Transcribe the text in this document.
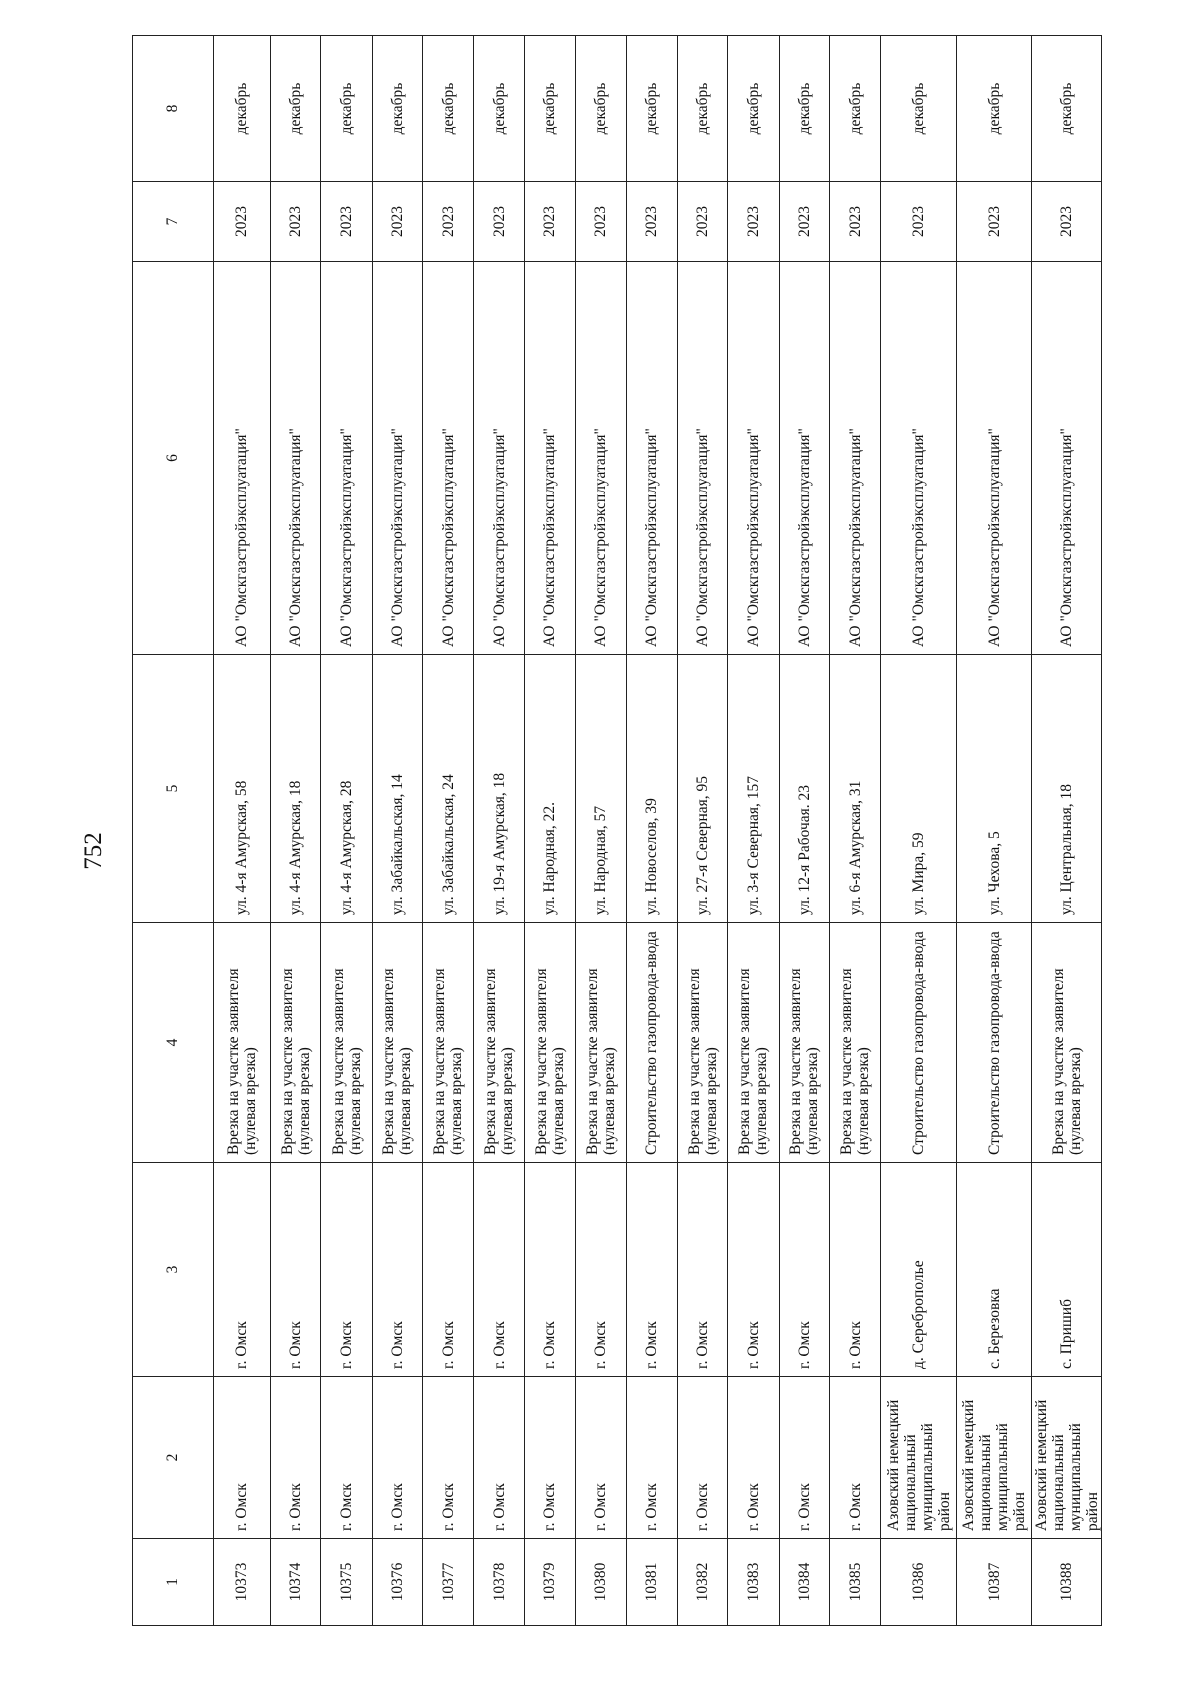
752
1	2	3	4	5	6	7	8
10373	г. Омск	г. Омск	Врезка на участке заявителя (нулевая врезка)	ул. 4-я Амурская, 58	АО "Омскгазстройэксплуатация"	2023	декабрь
10374	г. Омск	г. Омск	Врезка на участке заявителя (нулевая врезка)	ул. 4-я Амурская, 18	АО "Омскгазстройэксплуатация"	2023	декабрь
10375	г. Омск	г. Омск	Врезка на участке заявителя (нулевая врезка)	ул. 4-я Амурская, 28	АО "Омскгазстройэксплуатация"	2023	декабрь
10376	г. Омск	г. Омск	Врезка на участке заявителя (нулевая врезка)	ул. Забайкальская, 14	АО "Омскгазстройэксплуатация"	2023	декабрь
10377	г. Омск	г. Омск	Врезка на участке заявителя (нулевая врезка)	ул. Забайкальская, 24	АО "Омскгазстройэксплуатация"	2023	декабрь
10378	г. Омск	г. Омск	Врезка на участке заявителя (нулевая врезка)	ул. 19-я Амурская, 18	АО "Омскгазстройэксплуатация"	2023	декабрь
10379	г. Омск	г. Омск	Врезка на участке заявителя (нулевая врезка)	ул. Народная, 22.	АО "Омскгазстройэксплуатация"	2023	декабрь
10380	г. Омск	г. Омск	Врезка на участке заявителя (нулевая врезка)	ул. Народная, 57	АО "Омскгазстройэксплуатация"	2023	декабрь
10381	г. Омск	г. Омск	Строительство газопровода-ввода	ул. Новоселов, 39	АО "Омскгазстройэксплуатация"	2023	декабрь
10382	г. Омск	г. Омск	Врезка на участке заявителя (нулевая врезка)	ул. 27-я Северная, 95	АО "Омскгазстройэксплуатация"	2023	декабрь
10383	г. Омск	г. Омск	Врезка на участке заявителя (нулевая врезка)	ул. 3-я Северная, 157	АО "Омскгазстройэксплуатация"	2023	декабрь
10384	г. Омск	г. Омск	Врезка на участке заявителя (нулевая врезка)	ул. 12-я Рабочая. 23	АО "Омскгазстройэксплуатация"	2023	декабрь
10385	г. Омск	г. Омск	Врезка на участке заявителя (нулевая врезка)	ул. 6-я Амурская, 31	АО "Омскгазстройэксплуатация"	2023	декабрь
10386	Азовский немецкий национальный муниципальный район	д. Сереброполье	Строительство газопровода-ввода	ул. Мира, 59	АО "Омскгазстройэксплуатация"	2023	декабрь
10387	Азовский немецкий национальный муниципальный район	с. Березовка	Строительство газопровода-ввода	ул. Чехова, 5	АО "Омскгазстройэксплуатация"	2023	декабрь
10388	Азовский немецкий национальный муниципальный район	с. Пришиб	Врезка на участке заявителя (нулевая врезка)	ул. Центральная, 18	АО "Омскгазстройэксплуатация"	2023	декабрь
